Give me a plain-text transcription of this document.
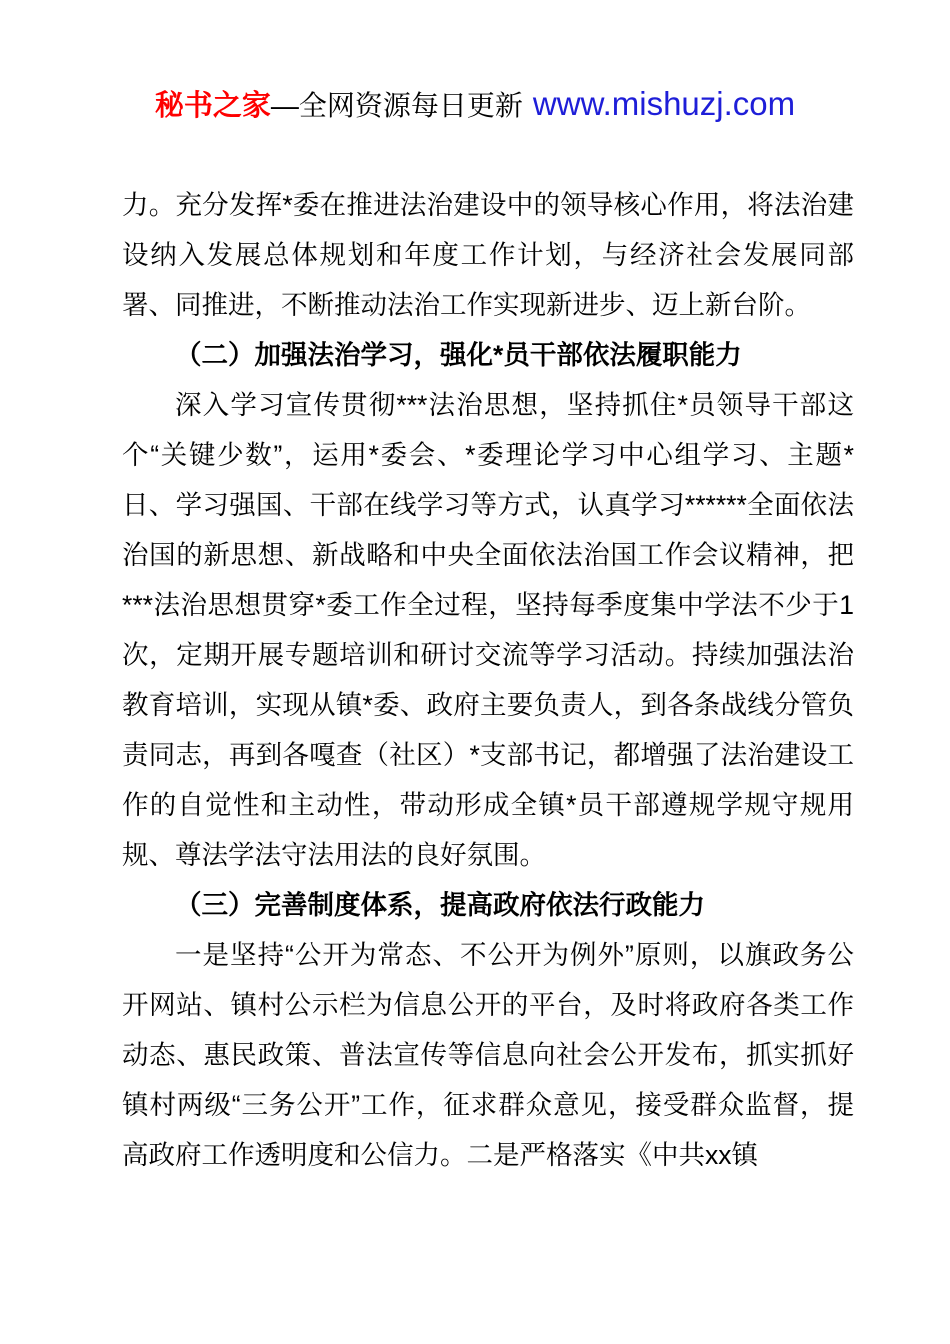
秘书之家—全网资源每日更新 www.mishuzj.com

力。充分发挥*委在推进法治建设中的领导核心作用，将法治建设纳入发展总体规划和年度工作计划，与经济社会发展同部署、同推进，不断推动法治工作实现新进步、迈上新台阶。

（二）加强法治学习，强化*员干部依法履职能力

深入学习宣传贯彻***法治思想，坚持抓住*员领导干部这个“关键少数”，运用*委会、*委理论学习中心组学习、主题*日、学习强国、干部在线学习等方式，认真学习******全面依法治国的新思想、新战略和中央全面依法治国工作会议精神，把***法治思想贯穿*委工作全过程，坚持每季度集中学法不少于1次，定期开展专题培训和研讨交流等学习活动。持续加强法治教育培训，实现从镇*委、政府主要负责人，到各条战线分管负责同志，再到各嘎查（社区）*支部书记，都增强了法治建设工作的自觉性和主动性，带动形成全镇*员干部遵规学规守规用规、尊法学法守法用法的良好氛围。

（三）完善制度体系，提高政府依法行政能力

一是坚持“公开为常态、不公开为例外”原则，以旗政务公开网站、镇村公示栏为信息公开的平台，及时将政府各类工作动态、惠民政策、普法宣传等信息向社会公开发布，抓实抓好镇村两级“三务公开”工作，征求群众意见，接受群众监督，提高政府工作透明度和公信力。二是严格落实《中共xx镇
